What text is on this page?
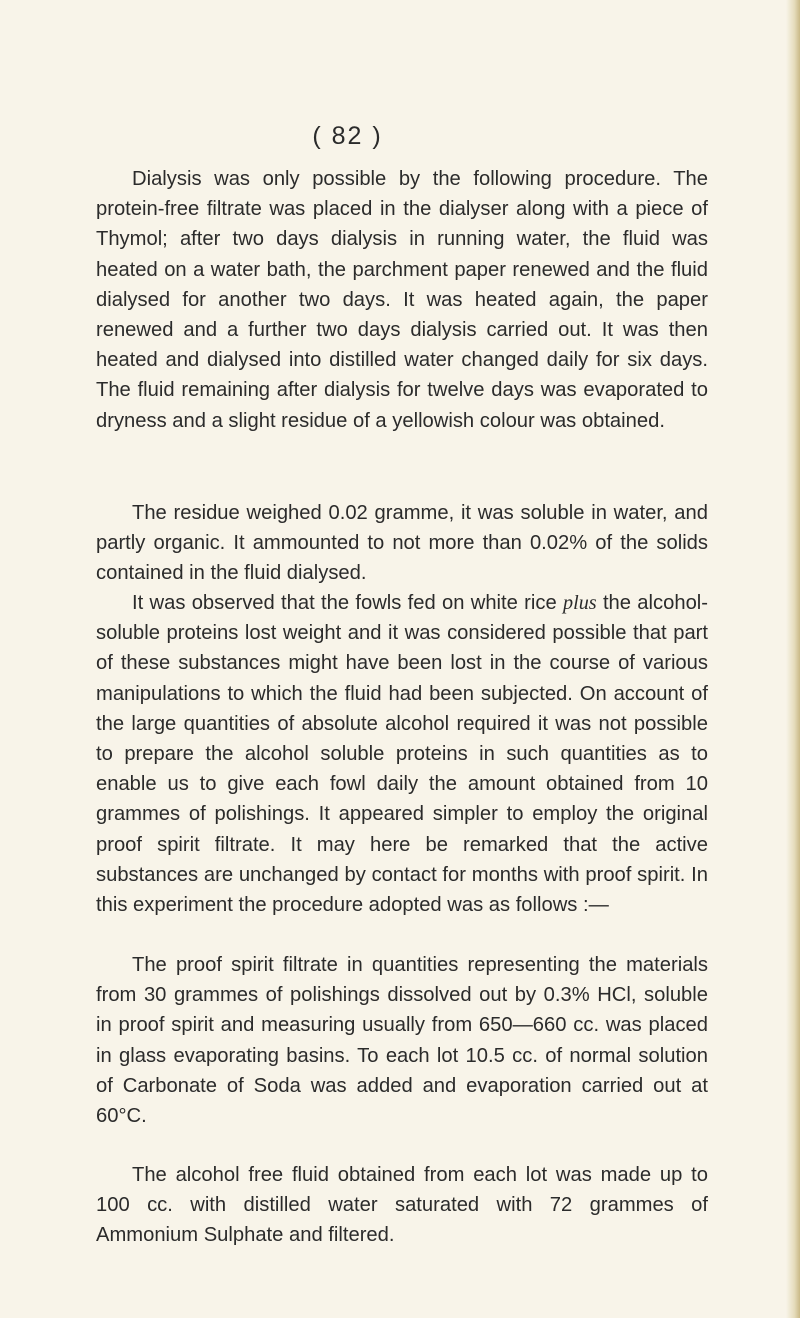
( 82 )

Dialysis was only possible by the following procedure. The protein-free filtrate was placed in the dialyser along with a piece of Thymol; after two days dialysis in running water, the fluid was heated on a water bath, the parchment paper renewed and the fluid dialysed for another two days. It was heated again, the paper renewed and a further two days dialysis carried out. It was then heated and dialysed into distilled water changed daily for six days. The fluid remaining after dialysis for twelve days was evaporated to dryness and a slight residue of a yellowish colour was obtained.

The residue weighed 0.02 gramme, it was soluble in water, and partly organic. It ammounted to not more than 0.02% of the solids contained in the fluid dialysed.

It was observed that the fowls fed on white rice plus the alcohol-soluble proteins lost weight and it was considered possible that part of these substances might have been lost in the course of various manipulations to which the fluid had been subjected. On account of the large quantities of absolute alcohol required it was not possible to prepare the alcohol soluble proteins in such quantities as to enable us to give each fowl daily the amount obtained from 10 grammes of polishings. It appeared simpler to employ the original proof spirit filtrate. It may here be remarked that the active substances are unchanged by contact for months with proof spirit. In this experiment the procedure adopted was as follows :—

The proof spirit filtrate in quantities representing the materials from 30 grammes of polishings dissolved out by 0.3% HCl, soluble in proof spirit and measuring usually from 650—660 cc. was placed in glass evaporating basins. To each lot 10.5 cc. of normal solution of Carbonate of Soda was added and evaporation carried out at 60°C.

The alcohol free fluid obtained from each lot was made up to 100 cc. with distilled water saturated with 72 grammes of Ammonium Sulphate and filtered.
